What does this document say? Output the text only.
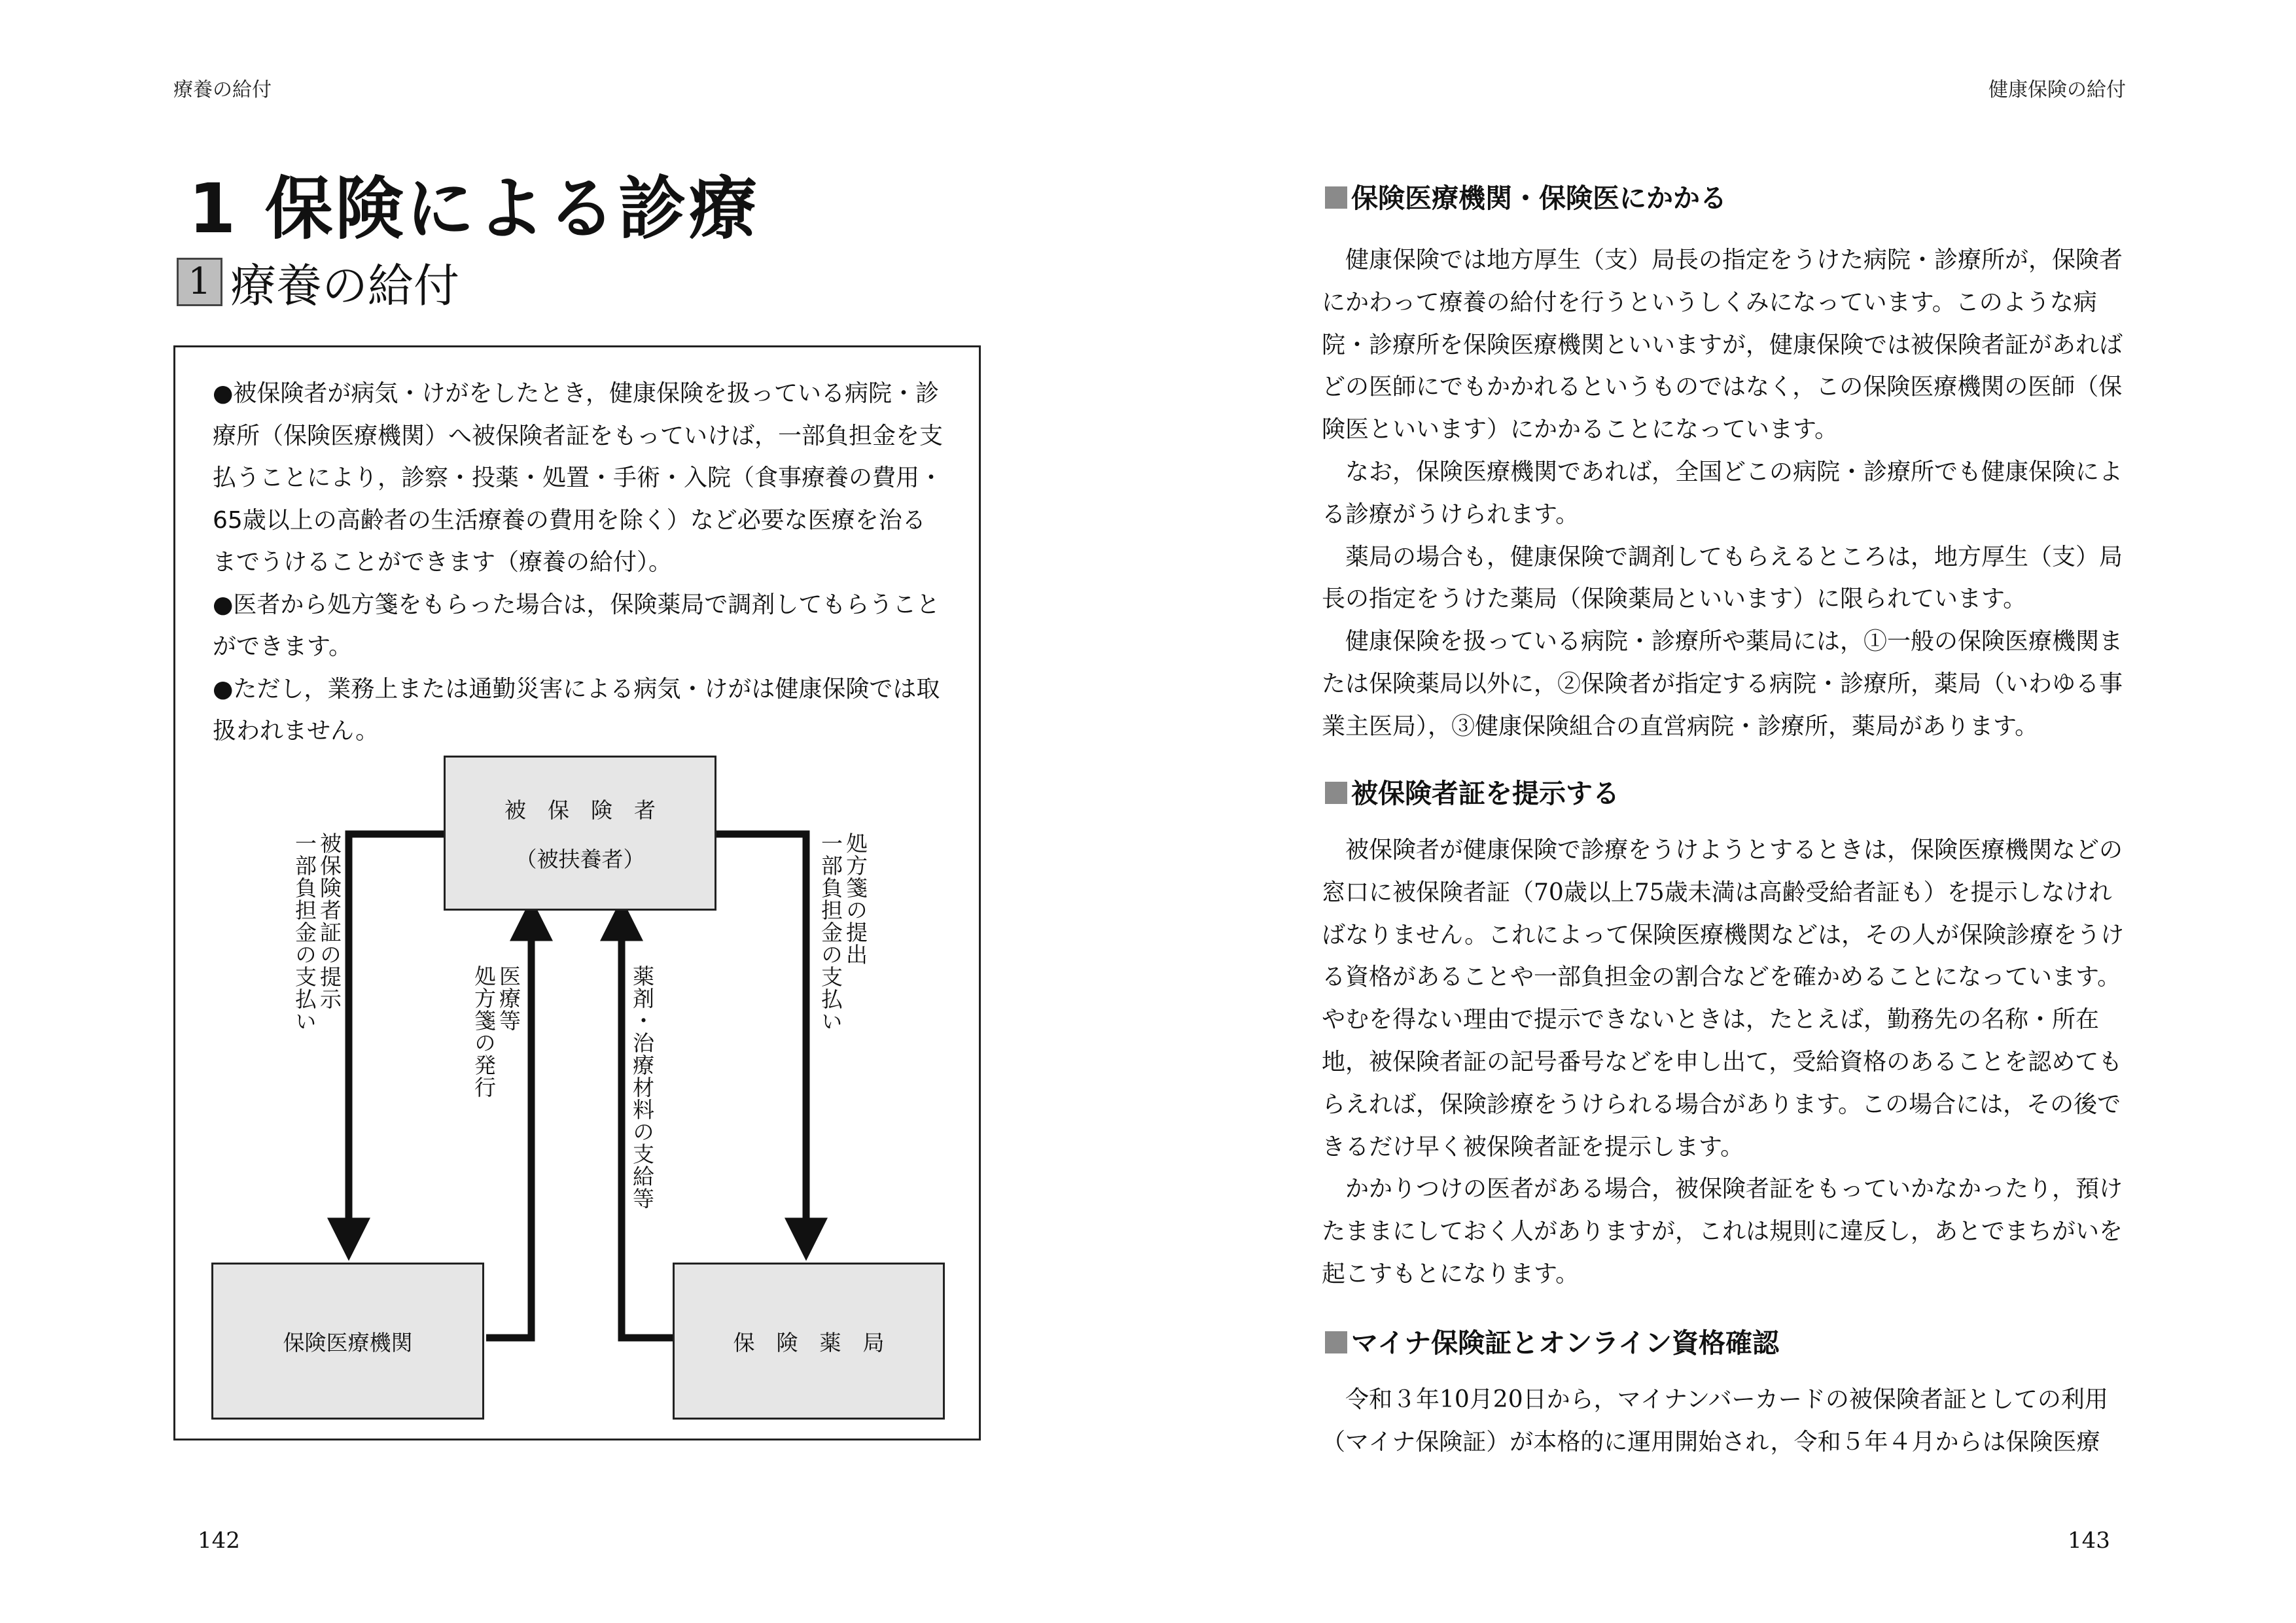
療養の給付	健康保険の給付
1 保険による診療
1 療養の給付

●被保険者が病気・けがをしたとき，健康保険を扱っている病院・診療所（保険医療機関）へ被保険者証をもっていけば，一部負担金を支払うことにより，診察・投薬・処置・手術・入院（食事療養の費用・65歳以上の高齢者の生活療養の費用を除く）など必要な医療を治るまでうけることができます（療養の給付）。

●医者から処方箋をもらった場合は，保険薬局で調剤してもらうことができます。

●ただし，業務上または通勤災害による病気・けがは健康保険では取扱われません。

被　保　険　者
（被扶養者）
保険医療機関	保　険　薬　局
被保険者証の提示
一部負担金の支払い	医療等
処方箋の発行	薬剤・治療材料の支給等
処方箋の提出
一部負担金の支払い
142
保険医療機関・保険医にかかる

健康保険では地方厚生（支）局長の指定をうけた病院・診療所が，保険者にかわって療養の給付を行うというしくみになっています。このような病院・診療所を保険医療機関といいますが，健康保険では被保険者証があればどの医師にでもかかれるというものではなく，この保険医療機関の医師（保険医といいます）にかかることになっています。

なお，保険医療機関であれば，全国どこの病院・診療所でも健康保険による診療がうけられます。

薬局の場合も，健康保険で調剤してもらえるところは，地方厚生（支）局長の指定をうけた薬局（保険薬局といいます）に限られています。

健康保険を扱っている病院・診療所や薬局には，①一般の保険医療機関または保険薬局以外に，②保険者が指定する病院・診療所，薬局（いわゆる事業主医局），③健康保険組合の直営病院・診療所，薬局があります。

被保険者証を提示する

被保険者が健康保険で診療をうけようとするときは，保険医療機関などの窓口に被保険者証（70歳以上75歳未満は高齢受給者証も）を提示しなければなりません。これによって保険医療機関などは，その人が保険診療をうける資格があることや一部負担金の割合などを確かめることになっています。やむを得ない理由で提示できないときは，たとえば，勤務先の名称・所在地，被保険者証の記号番号などを申し出て，受給資格のあることを認めてもらえれば，保険診療をうけられる場合があります。この場合には，その後できるだけ早く被保険者証を提示します。

かかりつけの医者がある場合，被保険者証をもっていかなかったり，預けたままにしておく人がありますが，これは規則に違反し，あとでまちがいを起こすもとになります。

マイナ保険証とオンライン資格確認

令和３年10月20日から，マイナンバーカードの被保険者証としての利用（マイナ保険証）が本格的に運用開始され，令和５年４月からは保険医療

143
